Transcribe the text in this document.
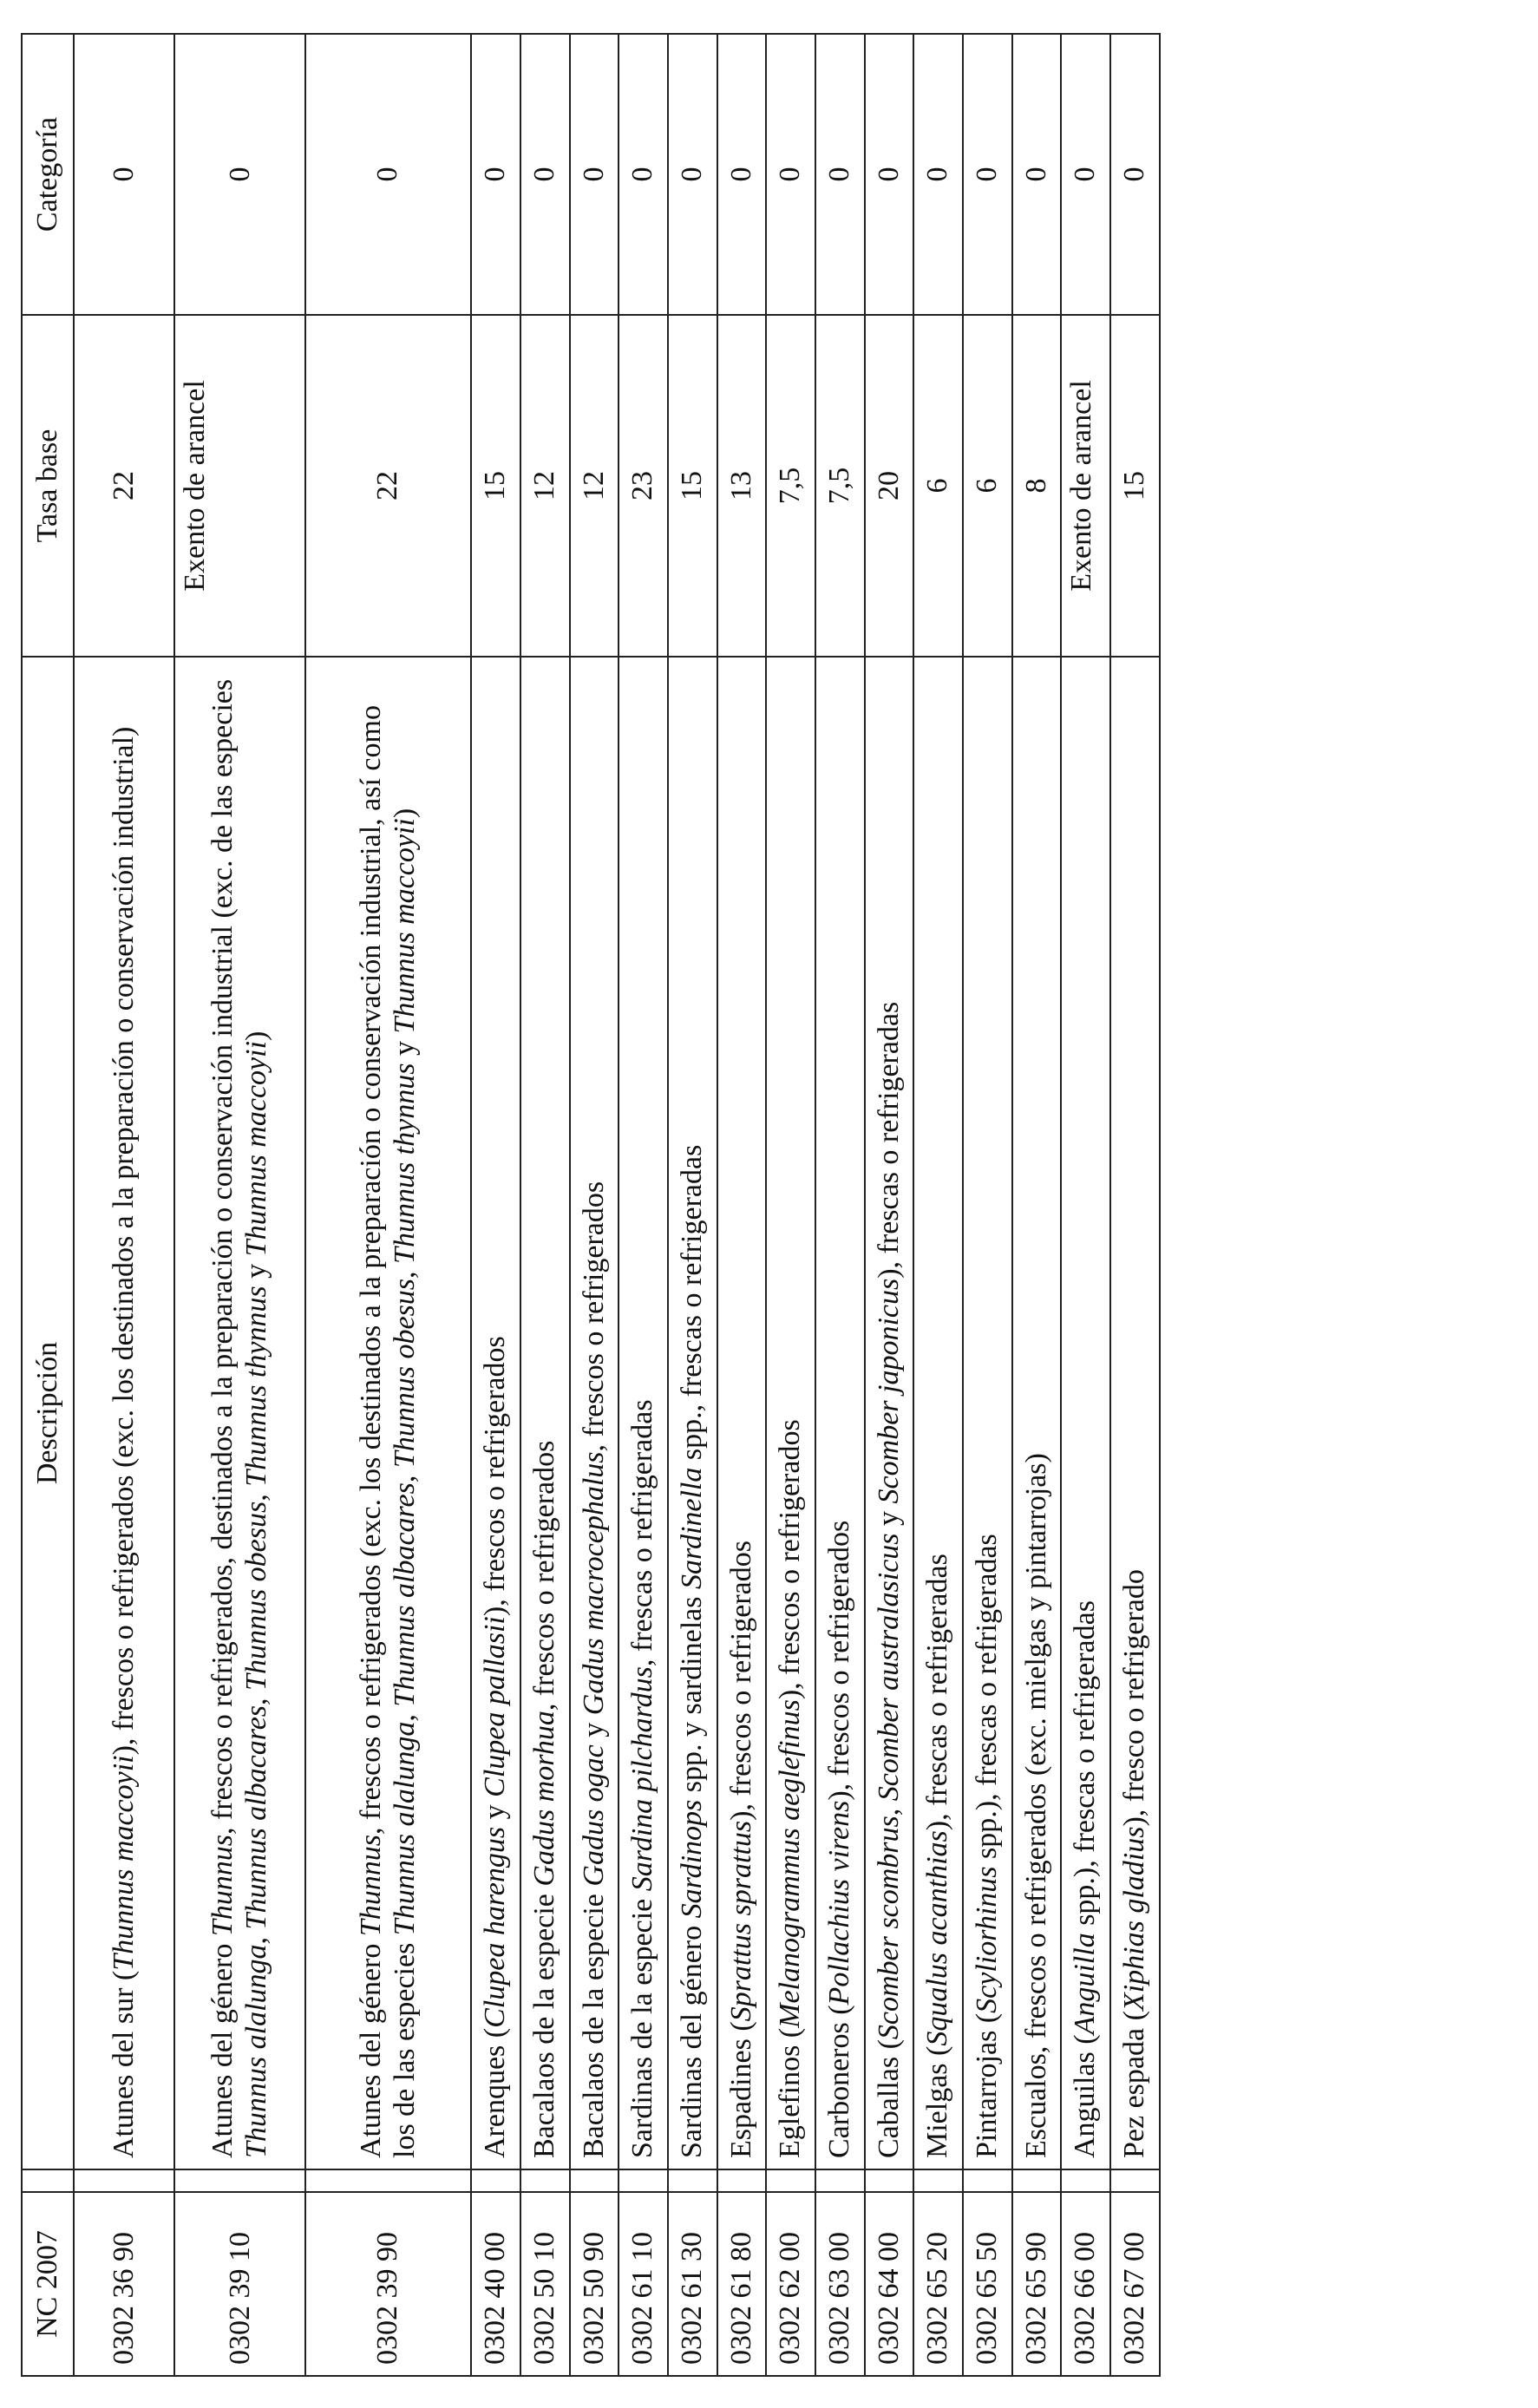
NC 2007		Descripción	Tasa base	Categoría
0302 36 90		Atunes del sur (Thunnus maccoyii), frescos o refrigerados (exc. los destinados a la preparación o conservación industrial)	22	0
0302 39 10		Atunes del género Thunnus, frescos o refrigerados, destinados a la preparación o conservación industrial (exc. de las especies Thunnus alalunga, Thunnus albacares, Thunnus obesus, Thunnus thynnus y Thunnus maccoyii)	Exento de arancel	0
0302 39 90		Atunes del género Thunnus, frescos o refrigerados (exc. los destinados a la preparación o conservación industrial, así como los de las especies Thunnus alalunga, Thunnus albacares, Thunnus obesus, Thunnus thynnus y Thunnus maccoyii)	22	0
0302 40 00		Arenques (Clupea harengus y Clupea pallasii), frescos o refrigerados	15	0
0302 50 10		Bacalaos de la especie Gadus morhua, frescos o refrigerados	12	0
0302 50 90		Bacalaos de la especie Gadus ogac y Gadus macrocephalus, frescos o refrigerados	12	0
0302 61 10		Sardinas de la especie Sardina pilchardus, frescas o refrigeradas	23	0
0302 61 30		Sardinas del género Sardinops spp. y sardinelas Sardinella spp., frescas o refrigeradas	15	0
0302 61 80		Espadines (Sprattus sprattus), frescos o refrigerados	13	0
0302 62 00		Eglefinos (Melanogrammus aeglefinus), frescos o refrigerados	7,5	0
0302 63 00		Carboneros (Pollachius virens), frescos o refrigerados	7,5	0
0302 64 00		Caballas (Scomber scombrus, Scomber australasicus y Scomber japonicus), frescas o refrigeradas	20	0
0302 65 20		Mielgas (Squalus acanthias), frescas o refrigeradas	6	0
0302 65 50		Pintarrojas (Scyliorhinus spp.), frescas o refrigeradas	6	0
0302 65 90		Escualos, frescos o refrigerados (exc. mielgas y pintarrojas)	8	0
0302 66 00		Anguilas (Anguilla spp.), frescas o refrigeradas	Exento de arancel	0
0302 67 00		Pez espada (Xiphias gladius), fresco o refrigerado	15	0
